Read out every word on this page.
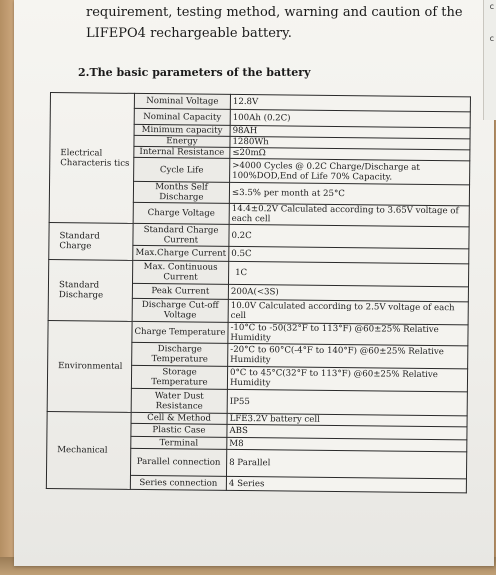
requirement, testing method, warning and caution of the LIFEPO4 rechargeable battery.
2.The basic parameters of the battery
Electrical Characteris tics	Nominal Voltage	12.8V
	Nominal Capacity	100Ah (0.2C)
	Minimum capacity	98AH
	Energy	1280Wh
	Internal Resistance	≤20mΩ
	Cycle Life	>4000 Cycles @ 0.2C Charge/Discharge at 100%DOD,End of Life 70% Capacity.
	Months Self Discharge	≤3.5% per month at 25°C
	Charge Voltage	14.4±0.2V Calculated according to 3.65V voltage of each cell
Standard Charge	Standard Charge Current	0.2C
	Max.Charge Current	0.5C
Standard Discharge	Max. Continuous Current	1C
	Peak Current	200A(<3S)
	Discharge Cut-off Voltage	10.0V Calculated according to 2.5V voltage of each cell
Environmental	Charge Temperature	-10°C to -50(32°F to 113°F) @60±25% Relative Humidity
	Discharge Temperature	-20°C to 60°C(-4°F to 140°F) @60±25% Relative Humidity
	Storage Temperature	0°C to 45°C(32°F to 113°F) @60±25% Relative Humidity
	Water Dust Resistance	IP55
Mechanical	Cell & Method	LFE3.2V battery cell
	Plastic Case	ABS
	Terminal	M8
	Parallel connection	8 Parallel
	Series connection	4 Series
c
c
